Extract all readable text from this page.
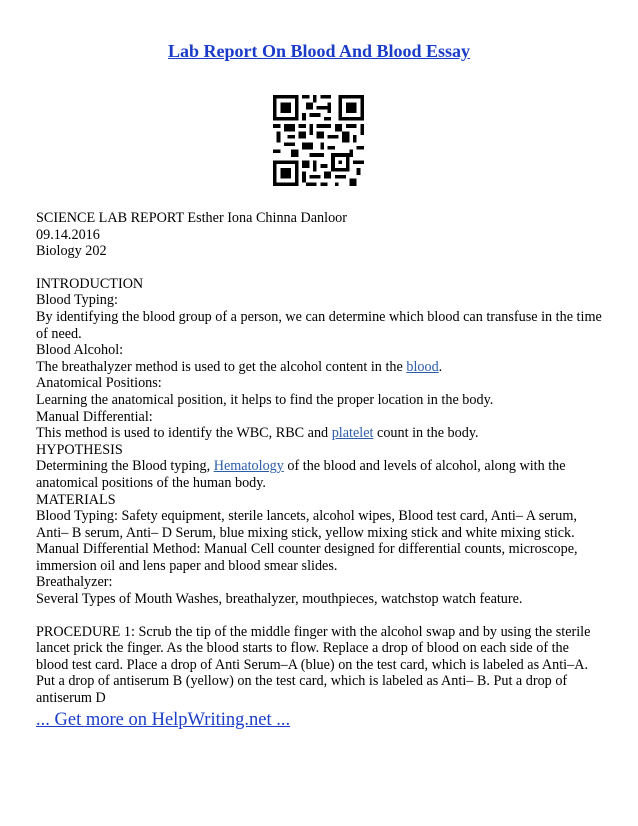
Lab Report On Blood And Blood Essay

SCIENCE LAB REPORT Esther Iona Chinna Danloor

09.14.2016

Biology 202

INTRODUCTION

Blood Typing:

By identifying the blood group of a person, we can determine which blood can transfuse in the time of need.

Blood Alcohol:

The breathalyzer method is used to get the alcohol content in the blood.

Anatomical Positions:

Learning the anatomical position, it helps to find the proper location in the body.

Manual Differential:

This method is used to identify the WBC, RBC and platelet count in the body.

HYPOTHESIS

Determining the Blood typing, Hematology of the blood and levels of alcohol, along with the anatomical positions of the human body.

MATERIALS

Blood Typing: Safety equipment, sterile lancets, alcohol wipes, Blood test card, Anti– A serum, Anti– B serum, Anti– D Serum, blue mixing stick, yellow mixing stick and white mixing stick.

Manual Differential Method: Manual Cell counter designed for differential counts, microscope, immersion oil and lens paper and blood smear slides.

Breathalyzer:

Several Types of Mouth Washes, breathalyzer, mouthpieces, watchstop watch feature.

PROCEDURE 1: Scrub the tip of the middle finger with the alcohol swap and by using the sterile lancet prick the finger. As the blood starts to flow. Replace a drop of blood on each side of the blood test card. Place a drop of Anti Serum–A (blue) on the test card, which is labeled as Anti–A. Put a drop of antiserum B (yellow) on the test card, which is labeled as Anti– B. Put a drop of antiserum D

... Get more on HelpWriting.net ...
